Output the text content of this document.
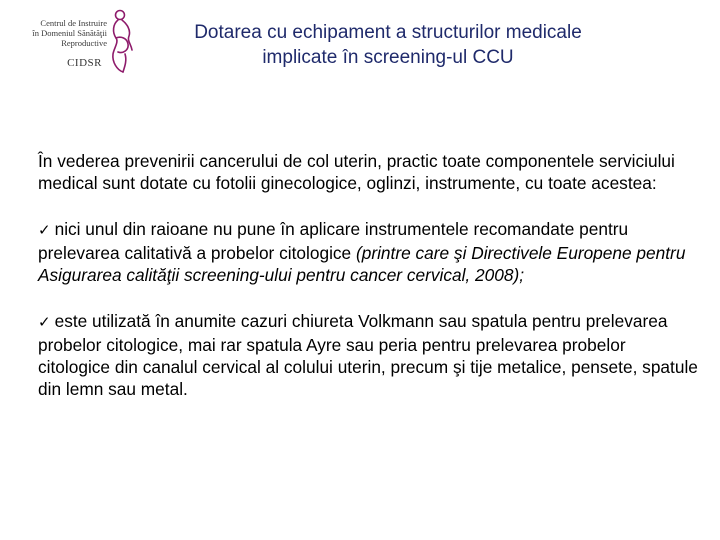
Centrul de Instruire
în Domeniul Sănătăţii
Reproductive
CIDSR
Dotarea cu echipament a structurilor medicale
implicate în screening-ul CCU

În vederea prevenirii cancerului de col uterin, practic toate componentele serviciului medical sunt dotate cu fotolii ginecologice, oglinzi, instrumente, cu toate acestea:

✓ nici unul din raioane nu pune în aplicare instrumentele recomandate pentru prelevarea calitativă a probelor citologice (printre care şi Directivele Europene pentru Asigurarea calităţii screening-ului pentru cancer cervical, 2008);

✓ este utilizată în anumite cazuri chiureta Volkmann sau spatula pentru prelevarea probelor citologice, mai rar spatula Ayre sau peria pentru prelevarea probelor citologice din canalul cervical al colului uterin, precum şi tije metalice, pensete, spatule din lemn sau metal.
